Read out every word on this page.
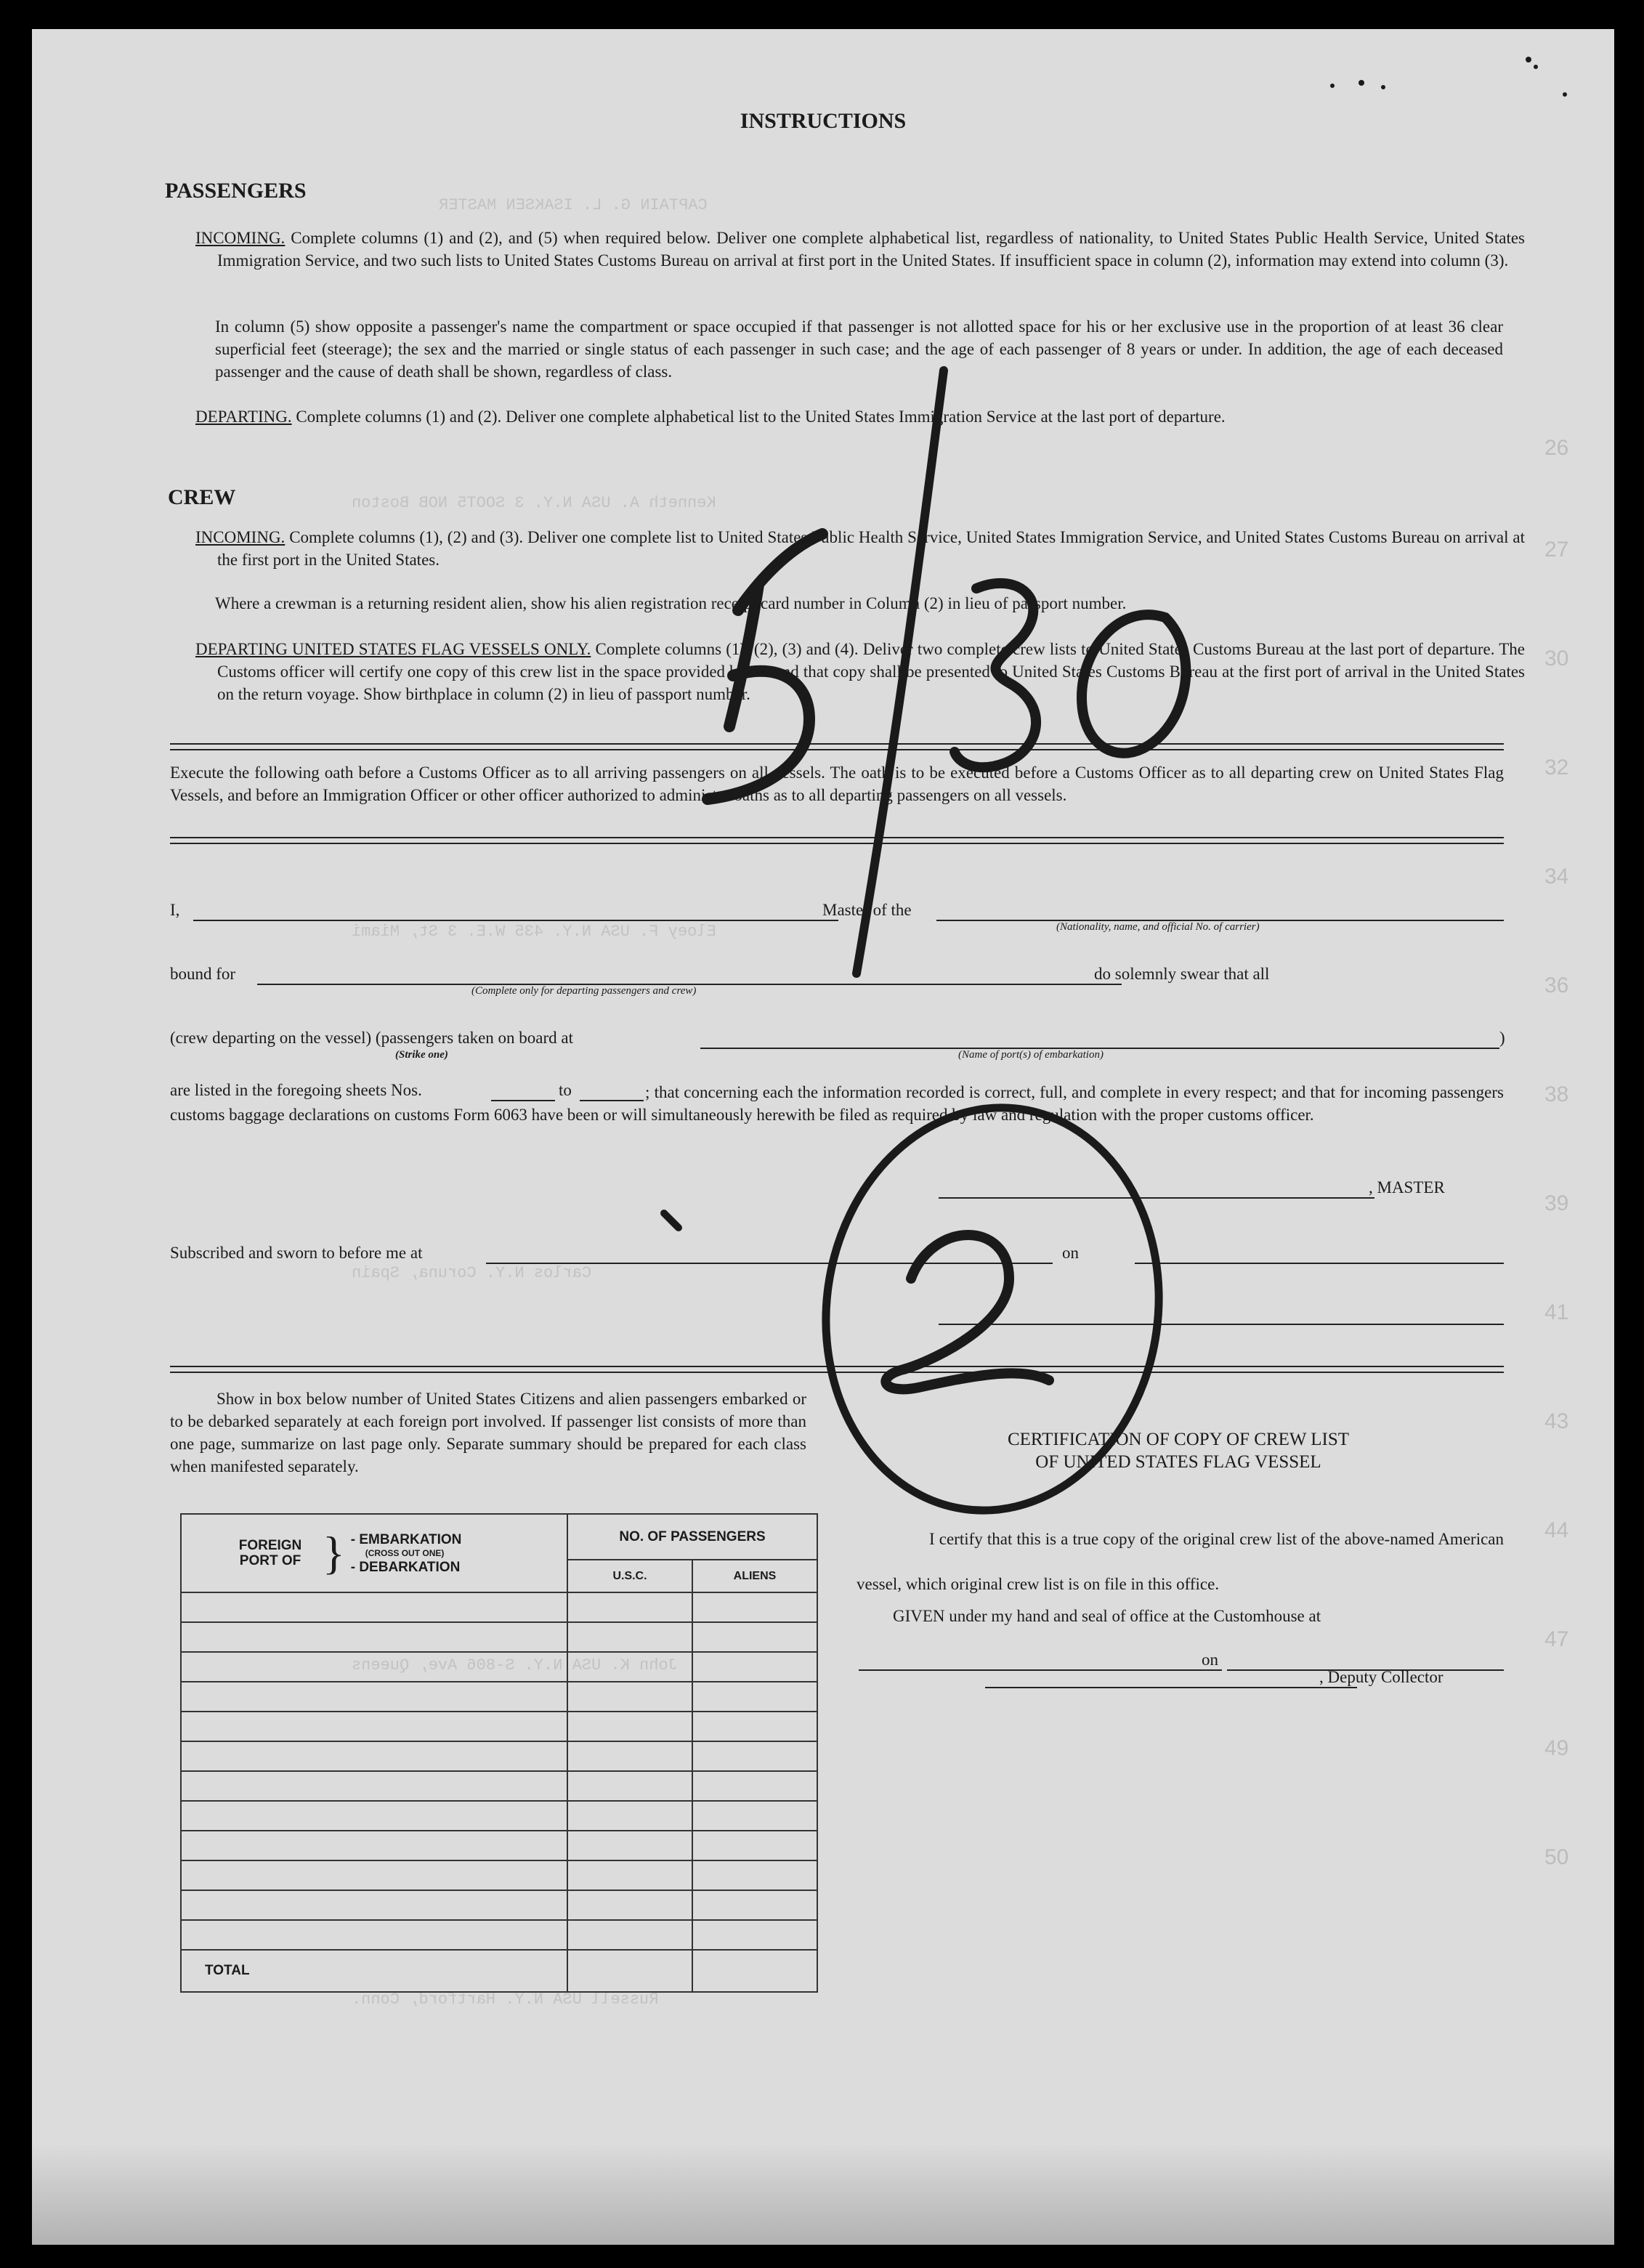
CAPTAIN G. L. ISAKSEN MASTER
Kenneth A. USA N.Y. 3 SOOT5 NOB Boston
Eloey F. USA N.Y. 435 W.E. 3 St, Miami
Carlos N.Y. Coruna, Spain
John K. USA N.Y. S-806 Ave, Queens
Russell USA N.Y. Hartford, Conn.
26
27
30
32
34
36
38
39
41
43
44
47
49
50
INSTRUCTIONS
PASSENGERS

INCOMING. Complete columns (1) and (2), and (5) when required below. Deliver one complete alphabetical list, regardless of nationality, to United States Public Health Service, United States Immigration Service, and two such lists to United States Customs Bureau on arrival at first port in the United States. If insufficient space in column (2), information may extend into column (3).

In column (5) show opposite a passenger's name the compartment or space occupied if that passenger is not allotted space for his or her exclusive use in the proportion of at least 36 clear superficial feet (steerage); the sex and the married or single status of each passenger in such case; and the age of each passenger of 8 years or under. In addition, the age of each deceased passenger and the cause of death shall be shown, regardless of class.

DEPARTING. Complete columns (1) and (2). Deliver one complete alphabetical list to the United States Immigration Service at the last port of departure.

CREW

INCOMING. Complete columns (1), (2) and (3). Deliver one complete list to United States Public Health Service, United States Immigration Service, and United States Customs Bureau on arrival at the first port in the United States.

Where a crewman is a returning resident alien, show his alien registration receipt card number in Column (2) in lieu of passport number.

DEPARTING UNITED STATES FLAG VESSELS ONLY. Complete columns (1), (2), (3) and (4). Deliver two complete crew lists to United States Customs Bureau at the last port of departure. The Customs officer will certify one copy of this crew list in the space provided below and that copy shall be presented to United States Customs Bureau at the first port of arrival in the United States on the return voyage. Show birthplace in column (2) in lieu of passport number.

Execute the following oath before a Customs Officer as to all arriving passengers on all vessels. The oath is to be executed before a Customs Officer as to all departing crew on United States Flag Vessels, and before an Immigration Officer or other officer authorized to administer oaths as to all departing passengers on all vessels.

I,	Master of the
(Nationality, name, and official No. of carrier)
bound for	do solemnly swear that all
(Complete only for departing passengers and crew)
(crew departing on the vessel) (passengers taken on board at	)
(Strike one)	(Name of port(s) of embarkation)
are listed in the foregoing sheets Nos.	to	; that concerning each the information recorded is correct, full, and complete in every respect; and that for incoming passengers customs baggage declarations on customs Form 6063 have been or will simultaneously herewith be filed as required by law and regulation with the proper customs officer.

, MASTER
Subscribed and sworn to before me at	on

Show in box below number of United States Citizens and alien passengers embarked or to be debarked separately at each foreign port involved. If passenger list consists of more than one page, summarize on last page only. Separate summary should be prepared for each class when manifested separately.

FOREIGN PORT OF } - EMBARKATION
(CROSS OUT ONE)
- DEBARKATION	NO. OF PASSENGERS	
	U.S.C.	ALIENS

TOTAL		
CERTIFICATION OF COPY OF CREW LIST
OF UNITED STATES FLAG VESSEL

I certify that this is a true copy of the original crew list of the above-named American vessel, which original crew list is on file in this office.

GIVEN under my hand and seal of office at the Customhouse at
on
, Deputy Collector
